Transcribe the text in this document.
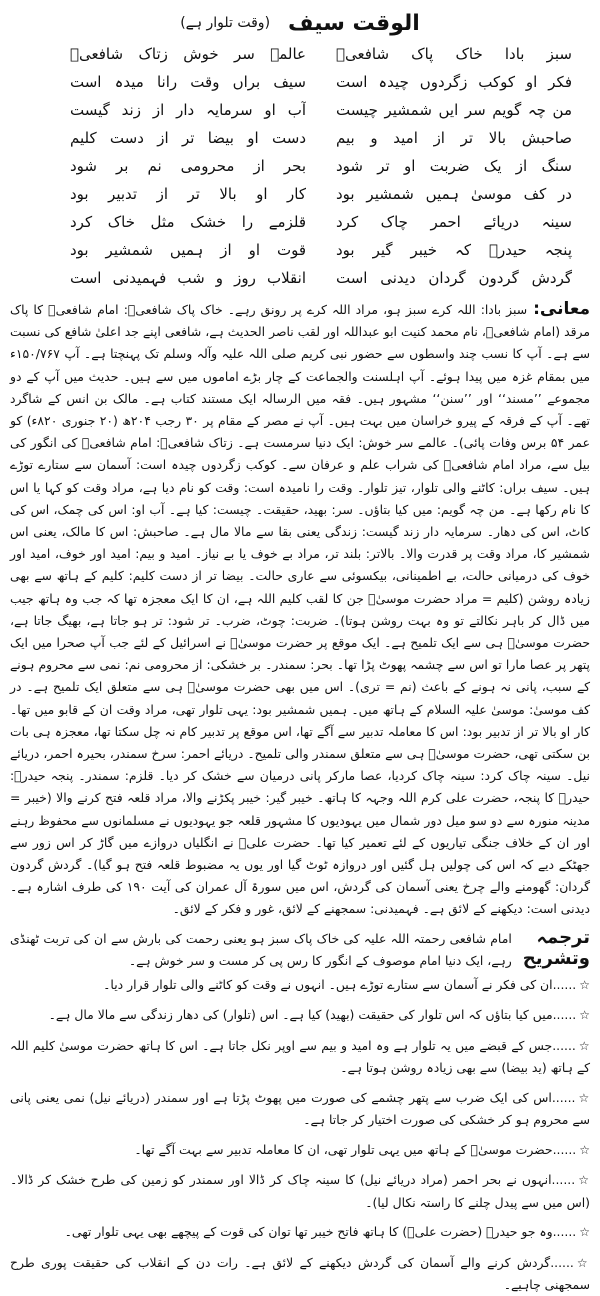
الوقت سیف
(وقت تلوار ہے)
سبز بادا خاک پاک شافعیؒ
عالمے سر خوش زتاک شافعیؒ
فکر او کوکب زگردوں چیدہ است
سیف براں وقت رانا میدہ است
من چہ گویم سر ایں شمشیر چیست
آب او سرمایہ دار از زند گیست
صاحبش بالا تر از امید و بیم
دست او بیضا تر از دست کلیم
سنگ از یک ضربت او تر شود
بحر از محرومی نم بر شود
در کف موسیٰ ہمیں شمشیر بود
کار او بالا تر از تدبیر بود
سینہ دریائے احمر چاک کرد
قلزمے را خشک مثل خاک کرد
پنجہ حیدرؓ کہ خیبر گیر بود
قوت او از ہمیں شمشیر بود
گردش گردون گردان دیدنی است
انقلاب روز و شب فہمیدنی است
معانی:سبز بادا: اللہ کرے سبز ہو، مراد اللہ کرے پر رونق رہے۔ خاک پاک شافعیؒ: امام شافعیؒ کا پاک مرقد (امام شافعیؒ، نام محمد کنیت ابو عبداللہ اور لقب ناصر الحدیث ہے، شافعی اپنے جد اعلیٰ شافع کی نسبت سے ہے۔ آپ کا نسب چند واسطوں سے حضور نبی کریم صلی اللہ علیہ وآلہ وسلم تک پہنچتا ہے۔ آپ ۱۵۰/۷۶۷ء میں بمقام غزہ میں پیدا ہوئے۔ آپ اہلسنت والجماعت کے چار بڑے اماموں میں سے ہیں۔ حدیث میں آپ کے دو مجموعے ’’مسند‘‘ اور ’’سنن‘‘ مشہور ہیں۔ فقہ میں الرسالہ ایک مستند کتاب ہے۔ مالک بن انس کے شاگرد تھے۔ آپ کے فرقہ کے پیرو خراسان میں بہت ہیں۔ آپ نے مصر کے مقام پر ۳۰ رجب ۲۰۴ھ (۲۰ جنوری ۸۲۰ء) کو عمر ۵۴ برس وفات پائی)۔ عالمے سر خوش: ایک دنیا سرمست ہے۔ زتاک شافعیؒ: امام شافعیؒ کی انگور کی بیل سے، مراد امام شافعیؒ کی شراب علم و عرفان سے۔ کوکب زگردوں چیدہ است: آسمان سے ستارے توڑے ہیں۔ سیف براں: کاٹنے والی تلوار، تیز تلوار۔ وقت را نامیدہ است: وقت کو نام دیا ہے، مراد وقت کو کہا یا اس کا نام رکھا ہے۔ من چہ گویم: میں کیا بتاؤں۔ سر: بھید، حقیقت۔ چیست: کیا ہے۔ آب او: اس کی چمک، اس کی کاٹ، اس کی دھار۔ سرمایہ دار زند گیست: زندگی یعنی بقا سے مالا مال ہے۔ صاحبش: اس کا مالک، یعنی اس شمشیر کا، مراد وقت پر قدرت والا۔ بالاتر: بلند تر، مراد بے خوف یا بے نیاز۔ امید و بیم: امید اور خوف، امید اور خوف کی درمیانی حالت، بے اطمینانی، بیکسوئی سے عاری حالت۔ بیضا تر از دست کلیم: کلیم کے ہاتھ سے بھی زیادہ روشن (کلیم = مراد حضرت موسیٰؑ جن کا لقب کلیم اللہ ہے، ان کا ایک معجزہ تھا کہ جب وہ ہاتھ جیب میں ڈال کر باہر نکالتے تو وہ بہت روشن ہوتا)۔ ضربت: چوٹ، ضرب۔ تر شود: تر ہو جاتا ہے، بھیگ جاتا ہے، حضرت موسیٰؑ ہی سے ایک تلمیح ہے۔ ایک موقع پر حضرت موسیٰؑ نے اسرائیل کے لئے جب آپ صحرا میں ایک پتھر پر عصا مارا تو اس سے چشمہ پھوٹ پڑا تھا۔ بحر: سمندر۔ بر خشکی: از محرومی نم: نمی سے محروم ہونے کے سبب، پانی نہ ہونے کے باعث (نم = تری)۔ اس میں بھی حضرت موسیٰؑ ہی سے متعلق ایک تلمیح ہے۔ در کف موسیٰ: موسیٰ علیہ السلام کے ہاتھ میں۔ ہمیں شمشیر بود: یہی تلوار تھی، مراد وقت ان کے قابو میں تھا۔ کار او بالا تر از تدبیر بود: اس کا معاملہ تدبیر سے آگے تھا، اس موقع پر تدبیر کام نہ چل سکتا تھا، معجزہ ہی بات بن سکتی تھی، حضرت موسیٰؑ ہی سے متعلق سمندر والی تلمیح۔ دریائے احمر: سرخ سمندر، بحیرہ احمر، دریائے نیل۔ سینہ چاک کرد: سینہ چاک کردیا، عصا مارکر پانی درمیان سے خشک کر دیا۔ قلزم: سمندر۔ پنجہ حیدرؓ: حیدرؓ کا پنجہ، حضرت علی کرم اللہ وجہہ کا ہاتھ۔ خیبر گیر: خیبر پکڑنے والا، مراد قلعہ فتح کرنے والا (خیبر = مدینہ منورہ سے دو سو میل دور شمال میں یہودیوں کا مشہور قلعہ جو یہودیوں نے مسلمانوں سے محفوظ رہنے اور ان کے خلاف جنگی تیاریوں کے لئے تعمیر کیا تھا۔ حضرت علیؓ نے انگلیاں دروازے میں گاڑ کر اس زور سے جھٹکے دیے کہ اس کی چولیں ہل گئیں اور دروازہ ٹوٹ گیا اور یوں یہ مضبوط قلعہ فتح ہو گیا)۔ گردش گردون گردان: گھومنے والے چرخ یعنی آسمان کی گردش، اس میں سورۃ آل عمران کی آیت ۱۹۰ کی طرف اشارہ ہے۔ دیدنی است: دیکھنے کے لائق ہے۔ فہمیدنی: سمجھنے کے لائق، غور و فکر کے لائق۔
ترجمہ وتشریح
امام شافعی رحمتہ اللہ علیہ کی خاک پاک سبز ہو یعنی رحمت کی بارش سے ان کی تربت ٹھنڈی رہے، ایک دنیا امام موصوف کے انگور کا رس پی کر مست و سر خوش ہے۔
☆......ان کی فکر نے آسمان سے ستارے توڑے ہیں۔ انہوں نے وقت کو کاٹنے والی تلوار قرار دیا۔
☆......میں کیا بتاؤں کہ اس تلوار کی حقیقت (بھید) کیا ہے۔ اس (تلوار) کی دھار زندگی سے مالا مال ہے۔
☆......جس کے قبضے میں یہ تلوار ہے وہ امید و بیم سے اوپر نکل جاتا ہے۔ اس کا ہاتھ حضرت موسیٰ کلیم اللہ کے ہاتھ (ید بیضا) سے بھی زیادہ روشن ہوتا ہے۔
☆......اس کی ایک ضرب سے پتھر چشمے کی صورت میں پھوٹ پڑتا ہے اور سمندر (دریائے نیل) نمی یعنی پانی سے محروم ہو کر خشکی کی صورت اختیار کر جاتا ہے۔
☆......حضرت موسیٰؑ کے ہاتھ میں یہی تلوار تھی، ان کا معاملہ تدبیر سے بہت آگے تھا۔
☆......انہوں نے بحر احمر (مراد دریائے نیل) کا سینہ چاک کر ڈالا اور سمندر کو زمین کی طرح خشک کر ڈالا۔ (اس میں سے پیدل چلنے کا راستہ نکال لیا)۔
☆......وہ جو حیدرؓ (حضرت علیؓ) کا ہاتھ فاتح خیبر تھا توان کی قوت کے پیچھے بھی یہی تلوار تھی۔
☆......گردش کرنے والے آسمان کی گردش دیکھنے کے لائق ہے۔ رات دن کے انقلاب کی حقیقت پوری طرح سمجھنی چاہیے۔
